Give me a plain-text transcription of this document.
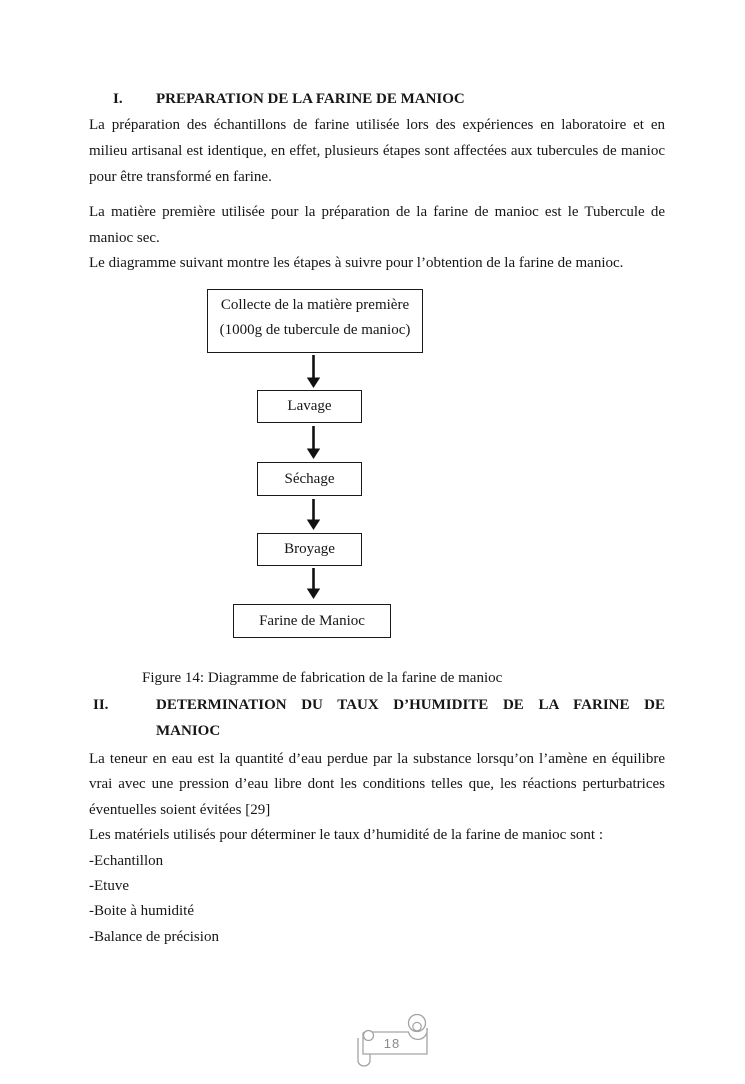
I.	PREPARATION DE LA FARINE DE MANIOC
La préparation des échantillons de farine utilisée lors des expériences en laboratoire et en
milieu artisanal est identique, en effet, plusieurs étapes sont affectées aux tubercules de manioc
pour être transformé en farine.
La matière première utilisée pour la préparation de la farine de manioc est le Tubercule de
manioc sec.
Le diagramme suivant montre les étapes à suivre pour l’obtention de la farine de manioc.
Collecte de la matière première
(1000g de tubercule de manioc)
Lavage
Séchage
Broyage
Farine de Manioc
Figure 14: Diagramme de fabrication de la farine de manioc
II.	DETERMINATION DU TAUX D’HUMIDITE DE LA FARINE DE
MANIOC
La teneur en eau est la quantité d’eau perdue par la substance lorsqu’on l’amène en équilibre
vrai avec une pression d’eau libre dont les conditions telles que, les réactions perturbatrices
éventuelles soient évitées [29]
Les matériels utilisés pour déterminer le taux d’humidité de la farine de manioc sont :
-Echantillon
-Etuve
-Boite à humidité
-Balance de précision
18
